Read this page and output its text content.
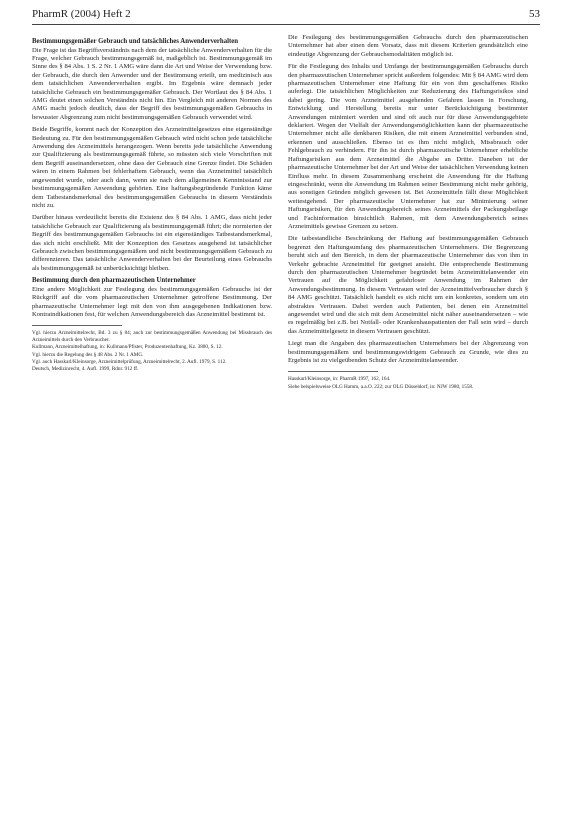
PharmR (2004) Heft 2	53
Bestimmungsgemäßer Gebrauch und tatsächliches Anwenderverhalten

Die Frage ist das Begriffsverständnis nach dem der tatsächliche Anwenderverhalten für die Frage, welcher Gebrauch bestimmungsgemäß ist, maßgeblich ist. Bestimmungsgemäß im Sinne des § 84 Abs. 1 S. 2 Nr. 1 AMG wäre dann die Art und Weise der Verwendung bzw. der Gebrauch, die durch den Anwender und der Bestimmung erteilt, um medizinisch aus dem tatsächlichen Anwenderverhalten ergibt. Im Ergebnis wäre demnach jeder tatsächliche Gebrauch ein bestimmungsgemäßer Gebrauch. Der Wortlaut des § 84 Abs. 1 AMG deutet einen solchen Verständnis nicht hin. Ein Vergleich mit anderen Normen des AMG macht jedoch deutlich, dass der Begriff des bestimmungsgemäßen Gebrauchs in bewusster Abgrenzung zum nicht bestimmungsgemäßen Gebrauch verwendet wird.

Beide Begriffe, kommt nach der Konzeption des Arzneimittelgesetzes eine eigenständige Bedeutung zu. Für den bestimmungsgemäßen Gebrauch wird nicht schon jede tatsächliche Anwendung des Arzneimittels herangezogen. Wenn bereits jede tatsächliche Anwendung zur Qualifizierung als bestimmungsgemäß führte, so müssten sich viele Vorschriften mit dem Begriff auseinandersetzen, ohne dass der Gebrauch eine Grenze findet. Die Schäden wären in einem Rahmen bei fehlerhaftem Gebrauch, wenn das Arzneimittel tatsächlich angewendet wurde, oder auch dann, wenn sie nach dem allgemeinen Kenntnisstand zur bestimmungsgemäßen Anwendung gehörten. Eine haftungsbegründende Funktion käme dem Tatbestandsmerkmal des bestimmungsgemäßen Gebrauchs in diesem Verständnis nicht zu.

Darüber hinaus verdeutlicht bereits die Existenz des § 84 Abs. 1 AMG, dass nicht jeder tatsächliche Gebrauch zur Qualifizierung als bestimmungsgemäß führt; die normierten der Begriff des bestimmungsgemäßen Gebrauchs ist ein eigenständiges Tatbestandsmerkmal, das sich nicht erschließt. Mit der Konzeption des Gesetzes ausgehend ist tatsächlicher Gebrauch zwischen bestimmungsgemäßem und nicht bestimmungsgemäßem Gebrauch zu differenzieren. Das tatsächliche Anwenderverhalten bei der Beurteilung eines Gebrauchs als bestimmungsgemäß ist unberücksichtigt bleiben.

Bestimmung durch den pharmazeutischen Unternehmer

Eine andere Möglichkeit zur Festlegung des bestimmungsgemäßen Gebrauchs ist der Rückgriff auf die vom pharmazeutischen Unternehmer getroffene Bestimmung. Der pharmazeutische Unternehmer legt mit den von ihm ausgegebenen Indikationen bzw. Kontraindikationen fest, für welchen Anwendungsbereich das Arzneimittel bestimmt ist.

Vgl. hierzu Arzneimittelrecht, Bd. 3 zu § 84; auch zur bestimmungsgemäßen Anwendung bei Missbrauch des Arzneimittels durch den Verbraucher.

Kullmann, Arzneimittelhaftung, in: Kullmann/Pfister, Produzentenhaftung, Kz. 3800, S. 12.

Vgl. hierzu die Regelung des § 48 Abs. 2 Nr. 1 AMG.

Vgl. auch Hasskarl/Kleinsorge, Arzneimittelprüfung, Arzneimittelrecht, 2. Aufl. 1979, S. 112.

Deutsch, Medizinrecht, 4. Aufl. 1999, Rdnr. 912 ff.

Die Festlegung des bestimmungsgemäßen Gebrauchs durch den pharmazeutischen Unternehmer hat aber einen dem Vorsatz, dass mit diesem Kriterien grundsätzlich eine eindeutige Abgrenzung der Gebrauchsmodalitäten möglich ist.

Für die Festlegung des Inhalts und Umfangs der bestimmungsgemäßen Gebrauchs durch den pharmazeutischen Unternehmer spricht außerdem folgendes: Mit § 84 AMG wird dem pharmazeutischen Unternehmer eine Haftung für ein von ihm geschaffenes Risiko auferlegt. Die tatsächlichen Möglichkeiten zur Reduzierung des Haftungsrisikos sind dabei gering. Die vom Arzneimittel ausgehenden Gefahren lassen in Forschung, Entwicklung und Herstellung bereits nur unter Berücksichtigung bestimmter Anwendungen minimiert werden und sind oft auch nur für diese Anwendungsgebiete deklariert. Wegen der Vielfalt der Anwendungsmöglichkeiten kann der pharmazeutische Unternehmer nicht alle denkbaren Risiken, die mit einem Arzneimittel verbunden sind, erkennen und ausschließen. Ebenso ist es ihm nicht möglich, Missbrauch oder Fehlgebrauch zu verhindern. Für ihn ist durch pharmazeutische Unternehmer erhebliche Haftungsrisiken aus dem Arzneimittel die Abgabe an Dritte. Daneben ist der pharmazeutische Unternehmer bei der Art und Weise der tatsächlichen Verwendung keinen Einfluss mehr. In diesem Zusammenhang erscheint die Anwendung für die Haftung eingeschränkt, wenn die Anwendung im Rahmen seiner Bestimmung nicht mehr gehörig, aus sonstigen Gründen möglich gewesen ist. Bei Arzneimitteln fällt diese Möglichkeit weitestgehend. Der pharmazeutische Unternehmer hat zur Minimierung seiner Haftungsrisiken, für den Anwendungsbereich seines Arzneimittels der Packungsbeilage und Fachinformation hinsichtlich Rahmen, mit dem Anwendungsbereich seines Arzneimittels gewisse Grenzen zu setzen.

Die tatbestandliche Beschränkung der Haftung auf bestimmungsgemäßen Gebrauch begrenzt den Haftungsumfang des pharmazeutischen Unternehmers. Die Begrenzung beruht sich auf den Bereich, in dem der pharmazeutische Unternehmer das von ihm in Verkehr gebrachte Arzneimittel für geeignet ansieht. Die entsprechende Bestimmung durch den pharmazeutischen Unternehmer begründet beim Arzneimittelanwender ein Vertrauen auf die Möglichkeit gefahrloser Anwendung im Rahmen der Anwendungsbestimmung. In diesem Vertrauen wird der Arzneimittelverbraucher durch § 84 AMG geschützt. Tatsächlich handelt es sich nicht um ein konkretes, sondern um ein abstraktes Vertrauen. Dabei werden auch Patienten, bei denen ein Arzneimittel angewendet wird und die sich mit dem Arzneimittel nicht näher auseinandersetzen – wie es regelmäßig bei z.B. bei Notfall- oder Krankenhauspatienten der Fall sein wird – durch das Arzneimittelgesetz in diesem Vertrauen geschützt.

Liegt man die Angaben des pharmazeutischen Unternehmers bei der Abgrenzung von bestimmungsgemäßem und bestimmungswidrigem Gebrauch zu Grunde, wie dies zu Ergebnis ist zu vielgeübenden Schutz der Arzneimittelanwender.

Hasskarl/Kleinsorge, in: PharmR 1997, 162, 164.

Siehe beispielsweise OLG Hamm, a.a.O. 222; zur OLG Düsseldorf, in: NJW 1980, 1558.
